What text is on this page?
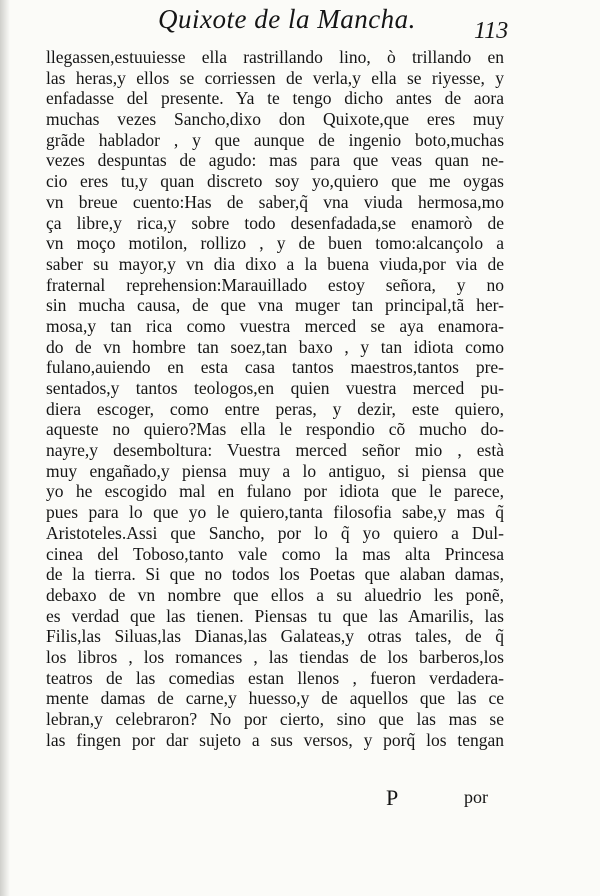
Quixote de la Mancha. 113
llegassen,estuuiesse ella rastrillando lino, ò trillando en
las heras,y ellos se corriessen de verla,y ella se riyesse, y
enfadasse del presente. Ya te tengo dicho antes de aora
muchas vezes Sancho,dixo don Quixote,que eres muy
grãde hablador , y que aunque de ingenio boto,muchas
vezes despuntas de agudo: mas para que veas quan ne-
cio eres tu,y quan discreto soy yo,quiero que me oygas
vn breue cuento:Has de saber,q̃ vna viuda hermosa,mo
ça libre,y rica,y sobre todo desenfadada,se enamorò de
vn moço motilon, rollizo , y de buen tomo:alcançolo a
saber su mayor,y vn dia dixo a la buena viuda,por via de
fraternal reprehension:Marauillado estoy señora, y no
sin mucha causa, de que vna muger tan principal,tã her-
mosa,y tan rica como vuestra merced se aya enamora-
do de vn hombre tan soez,tan baxo , y tan idiota como
fulano,auiendo en esta casa tantos maestros,tantos pre-
sentados,y tantos teologos,en quien vuestra merced pu-
diera escoger, como entre peras, y dezir, este quiero,
aqueste no quiero?Mas ella le respondio cõ mucho do-
nayre,y desemboltura: Vuestra merced señor mio , està
muy engañado,y piensa muy a lo antiguo, si piensa que
yo he escogido mal en fulano por idiota que le parece,
pues para lo que yo le quiero,tanta filosofia sabe,y mas q̃
Aristoteles.Assi que Sancho, por lo q̃ yo quiero a Dul-
cinea del Toboso,tanto vale como la mas alta Princesa
de la tierra. Si que no todos los Poetas que alaban damas,
debaxo de vn nombre que ellos a su aluedrio les ponẽ,
es verdad que las tienen. Piensas tu que las Amarilis, las
Filis,las Siluas,las Dianas,las Galateas,y otras tales, de q̃
los libros , los romances , las tiendas de los barberos,los
teatros de las comedias estan llenos , fueron verdadera-
mente damas de carne,y huesso,y de aquellos que las ce
lebran,y celebraron? No por cierto, sino que las mas se
las fingen por dar sujeto a sus versos, y porq̃ los tengan
P	por
